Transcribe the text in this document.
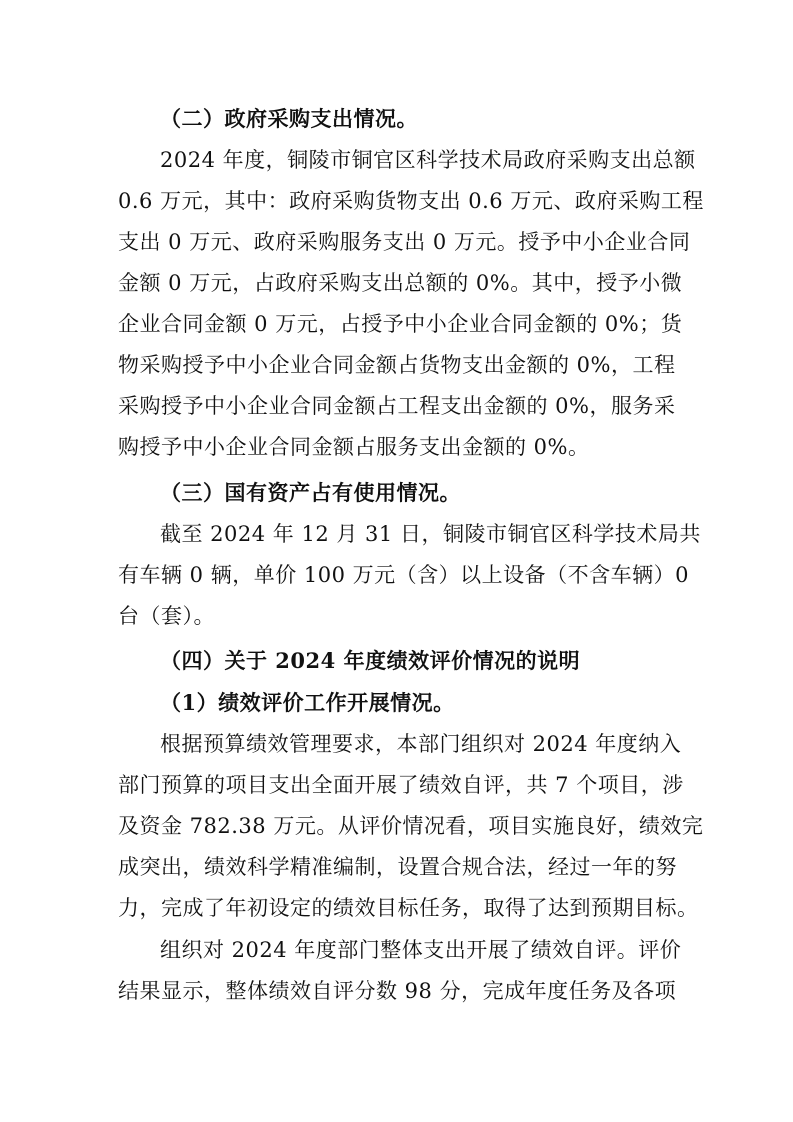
（二）政府采购支出情况。
2024 年度，铜陵市铜官区科学技术局政府采购支出总额
0.6 万元，其中：政府采购货物支出 0.6 万元、政府采购工程
支出 0 万元、政府采购服务支出 0 万元。授予中小企业合同
金额 0 万元，占政府采购支出总额的 0%。其中，授予小微
企业合同金额 0 万元，占授予中小企业合同金额的 0%；货
物采购授予中小企业合同金额占货物支出金额的 0%，工程
采购授予中小企业合同金额占工程支出金额的 0%，服务采
购授予中小企业合同金额占服务支出金额的 0%。
（三）国有资产占有使用情况。
截至 2024 年 12 月 31 日，铜陵市铜官区科学技术局共
有车辆 0 辆，单价 100 万元（含）以上设备（不含车辆）0
台（套）。
（四）关于 2024 年度绩效评价情况的说明
（1）绩效评价工作开展情况。
根据预算绩效管理要求，本部门组织对 2024 年度纳入
部门预算的项目支出全面开展了绩效自评，共 7 个项目，涉
及资金 782.38 万元。从评价情况看，项目实施良好，绩效完
成突出，绩效科学精准编制，设置合规合法，经过一年的努
力，完成了年初设定的绩效目标任务，取得了达到预期目标。
组织对 2024 年度部门整体支出开展了绩效自评。评价
结果显示，整体绩效自评分数 98 分，完成年度任务及各项
